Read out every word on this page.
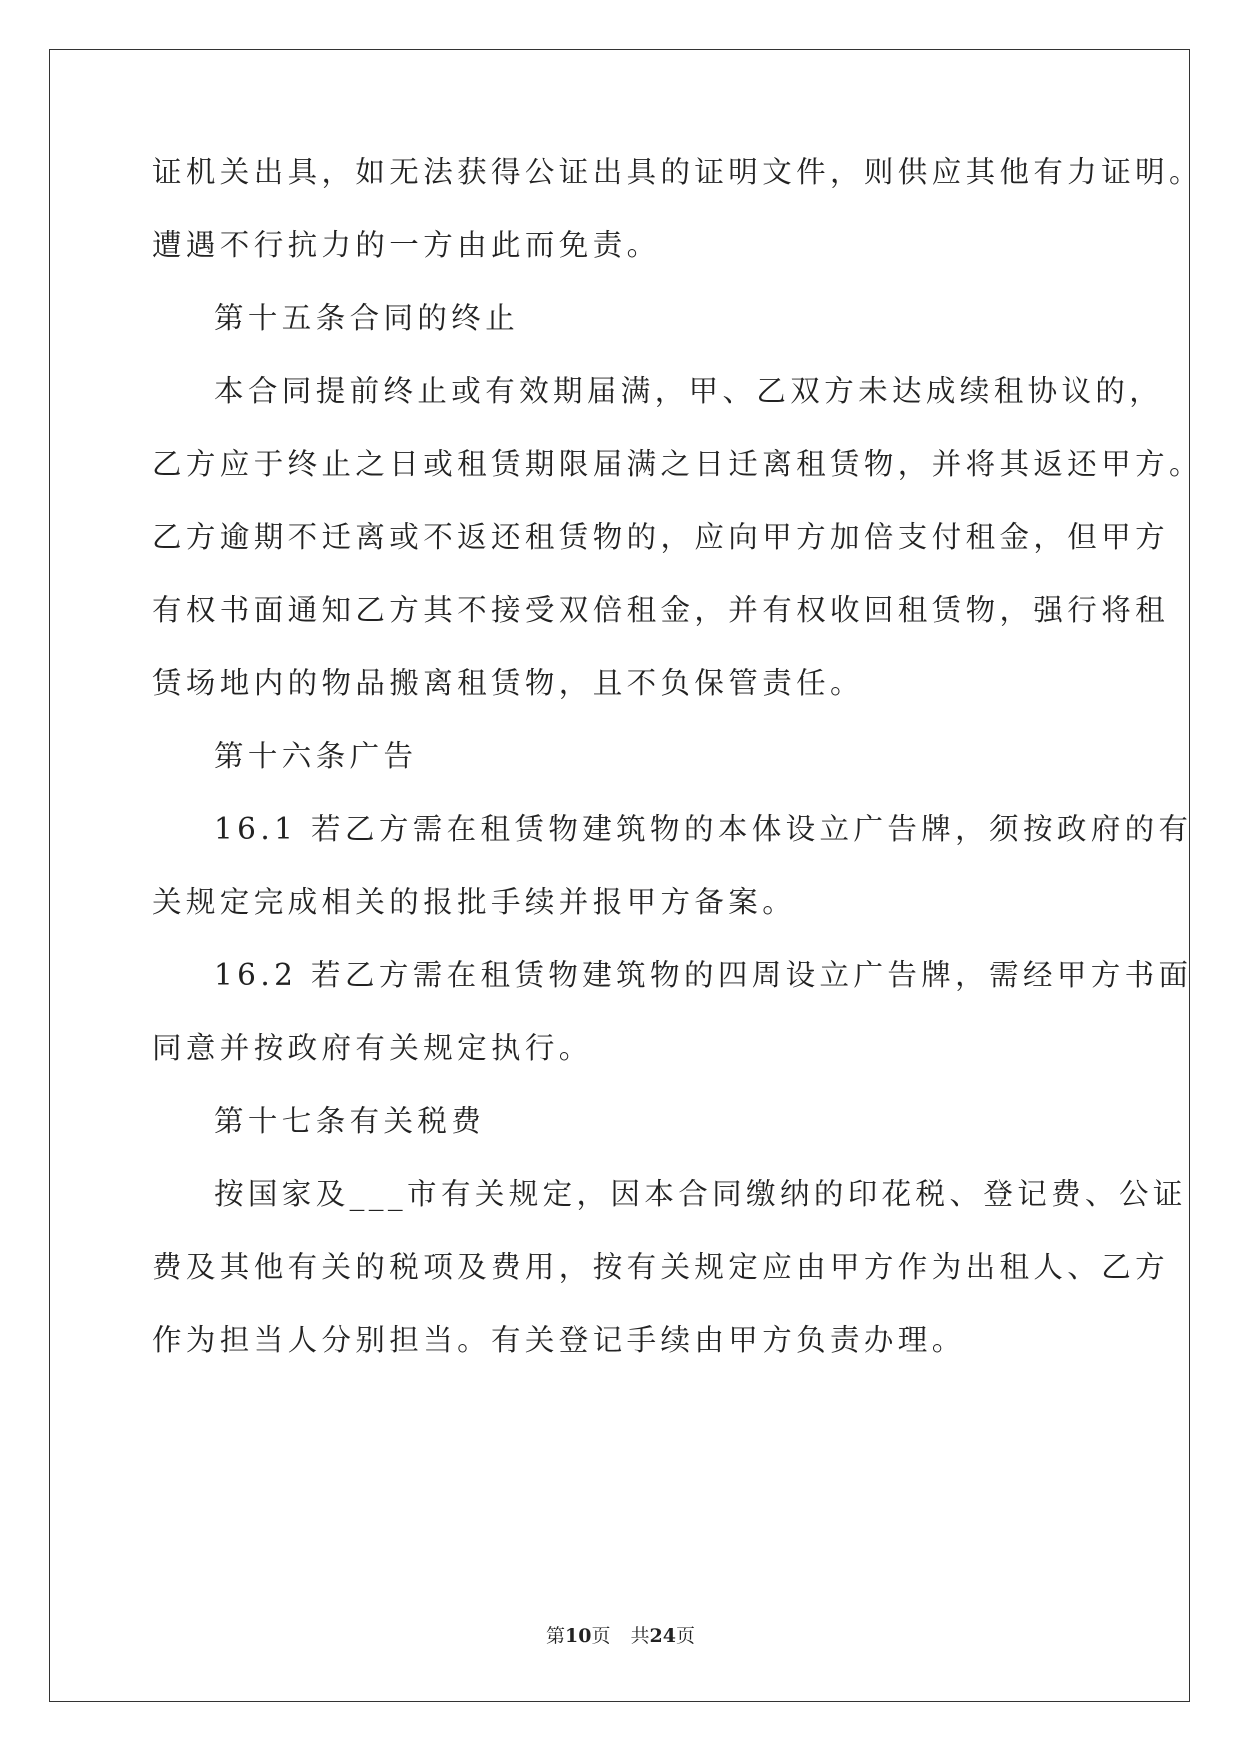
证机关出具，如无法获得公证出具的证明文件，则供应其他有力证明。

遭遇不行抗力的一方由此而免责。

第十五条合同的终止

本合同提前终止或有效期届满，甲、乙双方未达成续租协议的，

乙方应于终止之日或租赁期限届满之日迁离租赁物，并将其返还甲方。

乙方逾期不迁离或不返还租赁物的，应向甲方加倍支付租金，但甲方

有权书面通知乙方其不接受双倍租金，并有权收回租赁物，强行将租

赁场地内的物品搬离租赁物，且不负保管责任。

第十六条广告

16.1 若乙方需在租赁物建筑物的本体设立广告牌，须按政府的有

关规定完成相关的报批手续并报甲方备案。

16.2 若乙方需在租赁物建筑物的四周设立广告牌，需经甲方书面

同意并按政府有关规定执行。

第十七条有关税费

按国家及___市有关规定，因本合同缴纳的印花税、登记费、公证

费及其他有关的税项及费用，按有关规定应由甲方作为出租人、乙方

作为担当人分别担当。有关登记手续由甲方负责办理。

第10页 共24页
